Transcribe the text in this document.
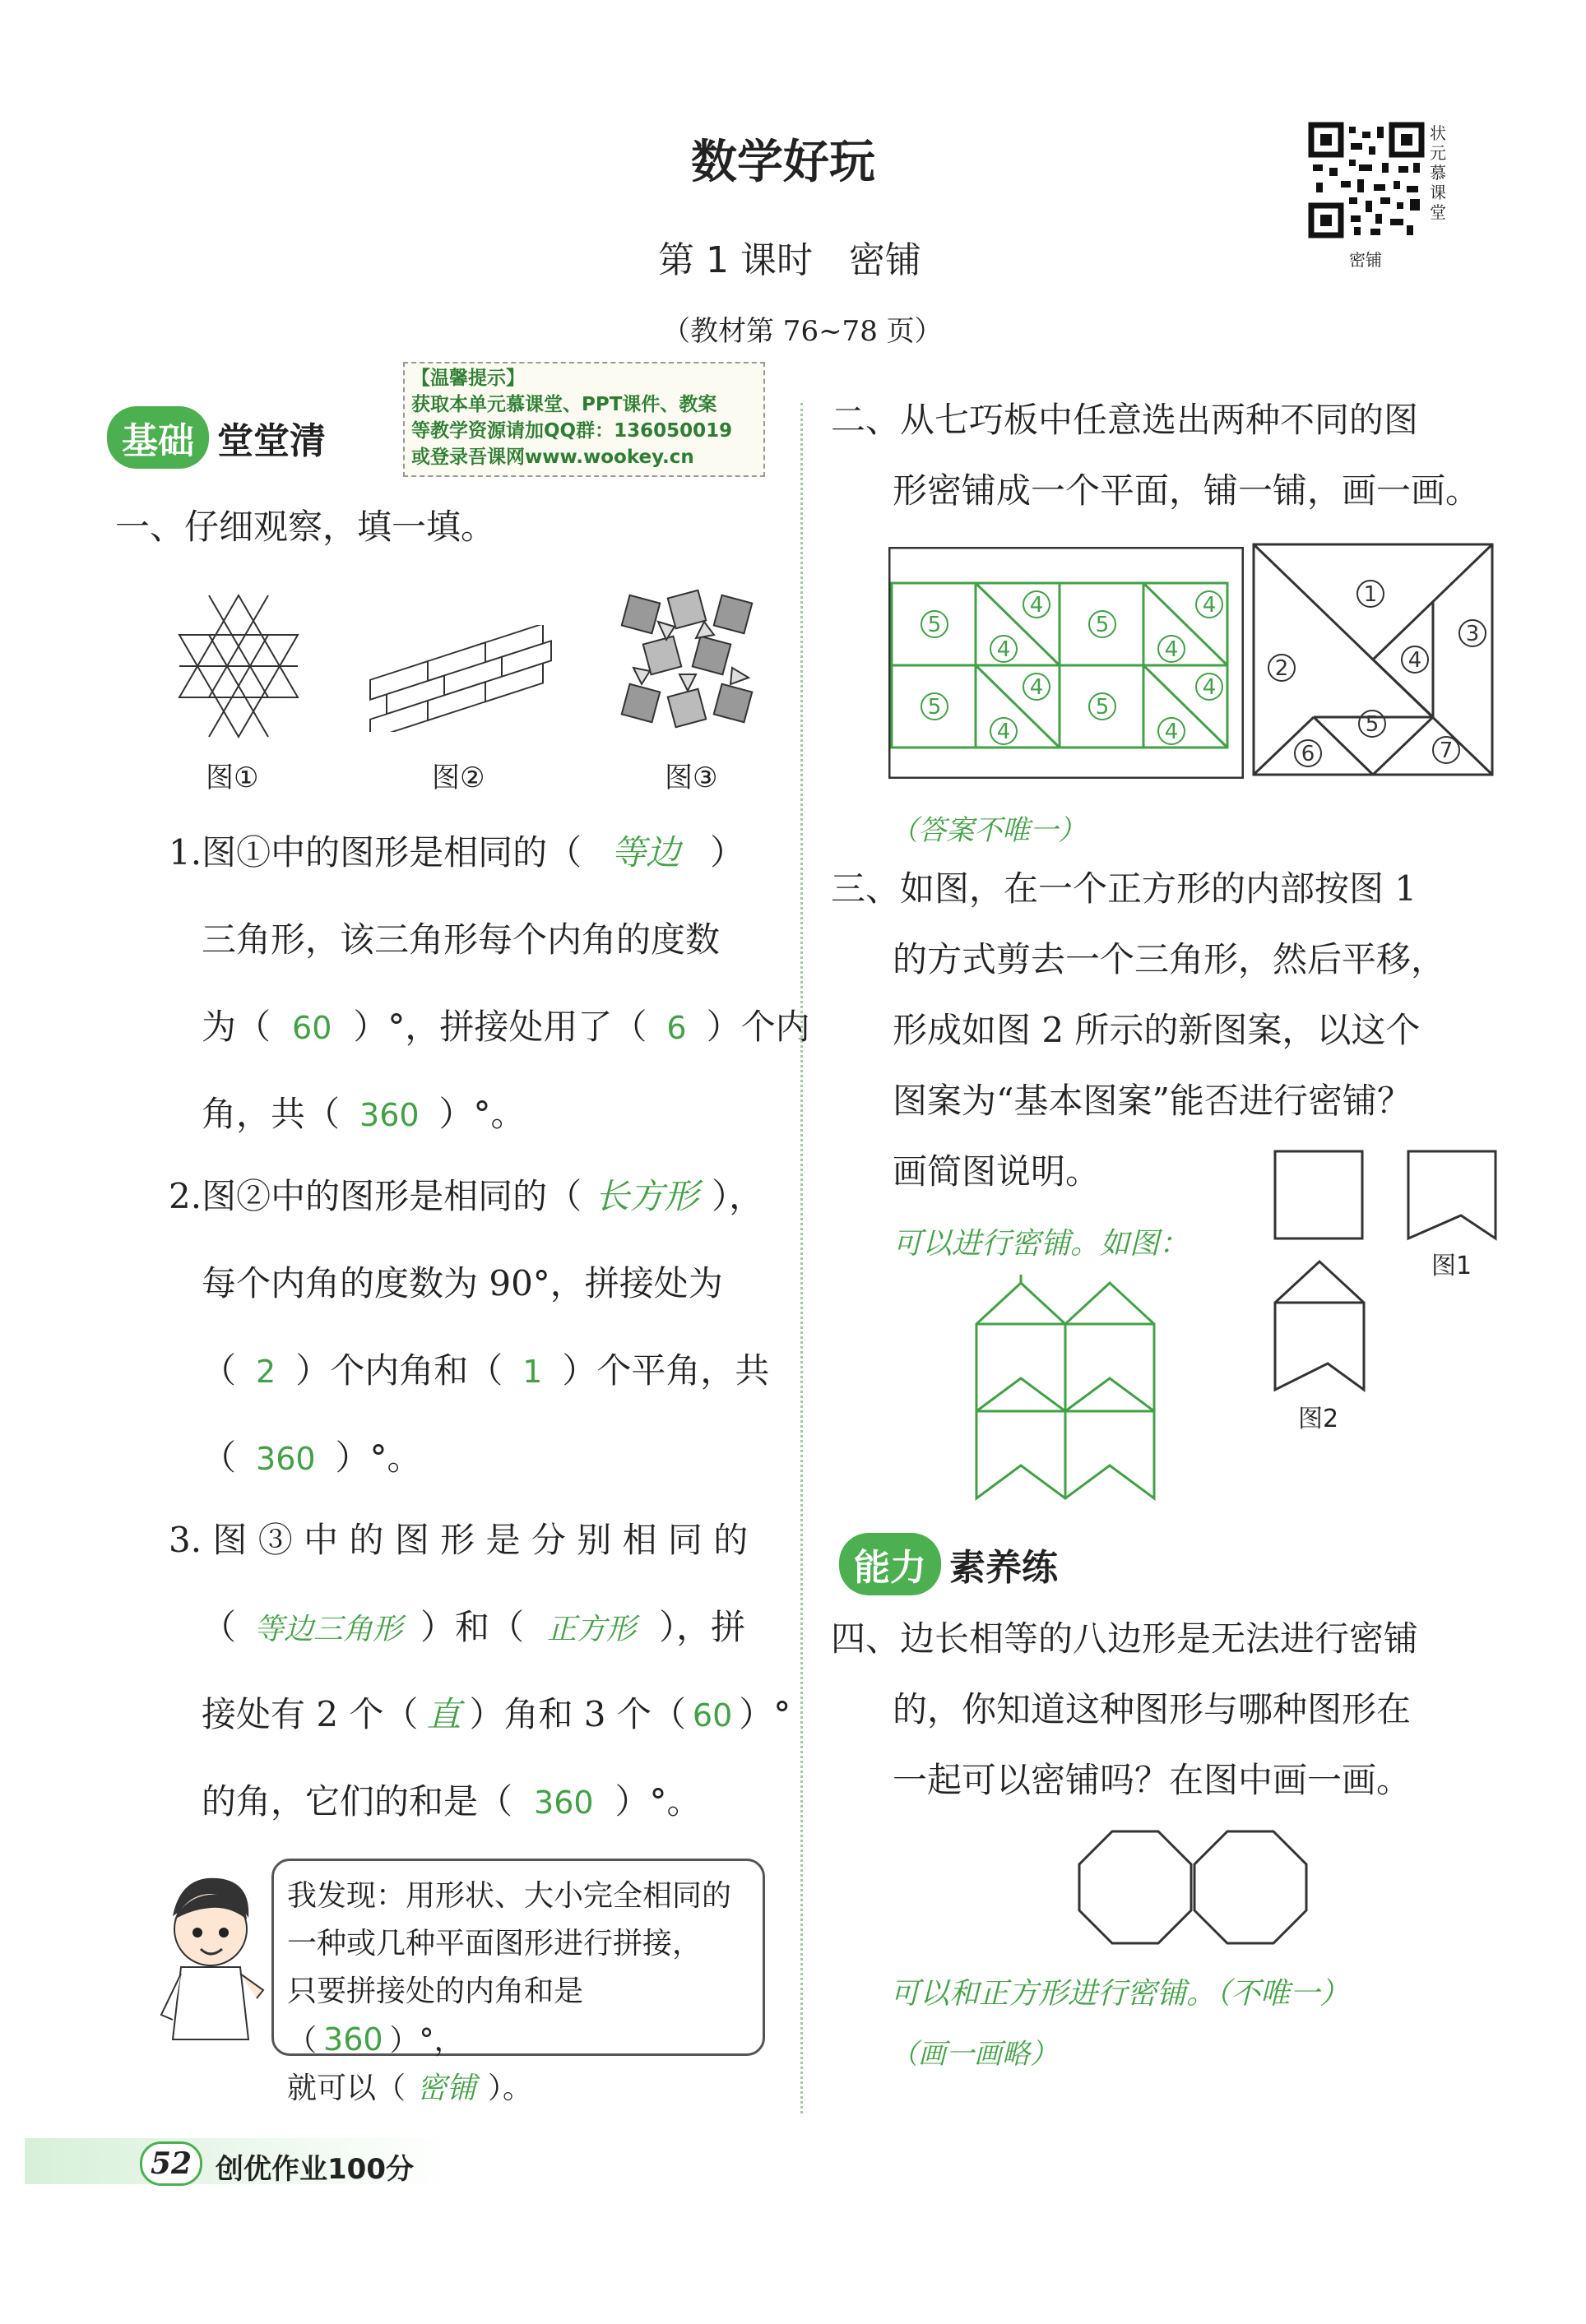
数学好玩
第 1 课时　密铺
（教材第 76~78 页）
状元慕课堂
密铺
【温馨提示】
获取本单元慕课堂、PPT课件、教案
等教学资源请加QQ群：136050019
或登录吾课网www.wookey.cn
基础 堂堂清
一、仔细观察，填一填。
图①	图②	图③
1.图①中的图形是相同的（ 等边 ）
三角形，该三角形每个内角的度数
为（ 60 ）°，拼接处用了（ 6 ）个内
角，共（ 360 ）°。
2.图②中的图形是相同的（ 长方形 ），
每个内角的度数为 90°，拼接处为
（ 2 ）个内角和（ 1 ）个平角，共
（ 360 ）°。
3. 图 ③ 中 的 图 形 是 分 别 相 同 的
（ 等边三角形 ）和（ 正方形 ），拼
接处有 2 个（ 直 ）角和 3 个（ 60 ）°
的角，它们的和是（ 360 ）°。
我发现：用形状、大小完全相同的
一种或几种平面图形进行拼接，
只要拼接处的内角和是（ 360 ）°，
就可以（ 密铺 ）。
二、从七巧板中任意选出两种不同的图
形密铺成一个平面，铺一铺，画一画。
5
4
4
5
4
4
5
4
4
5
4
4
1
2
3
4
5
6	7
（答案不唯一）
三、如图，在一个正方形的内部按图 1
的方式剪去一个三角形，然后平移，
形成如图 2 所示的新图案，以这个
图案为“基本图案”能否进行密铺？
画简图说明。
可以进行密铺。如图：
图1
图2
能力 素养练
四、边长相等的八边形是无法进行密铺
的，你知道这种图形与哪种图形在
一起可以密铺吗？在图中画一画。
可以和正方形进行密铺。（不唯一）
（画一画略）
52 创优作业100分
